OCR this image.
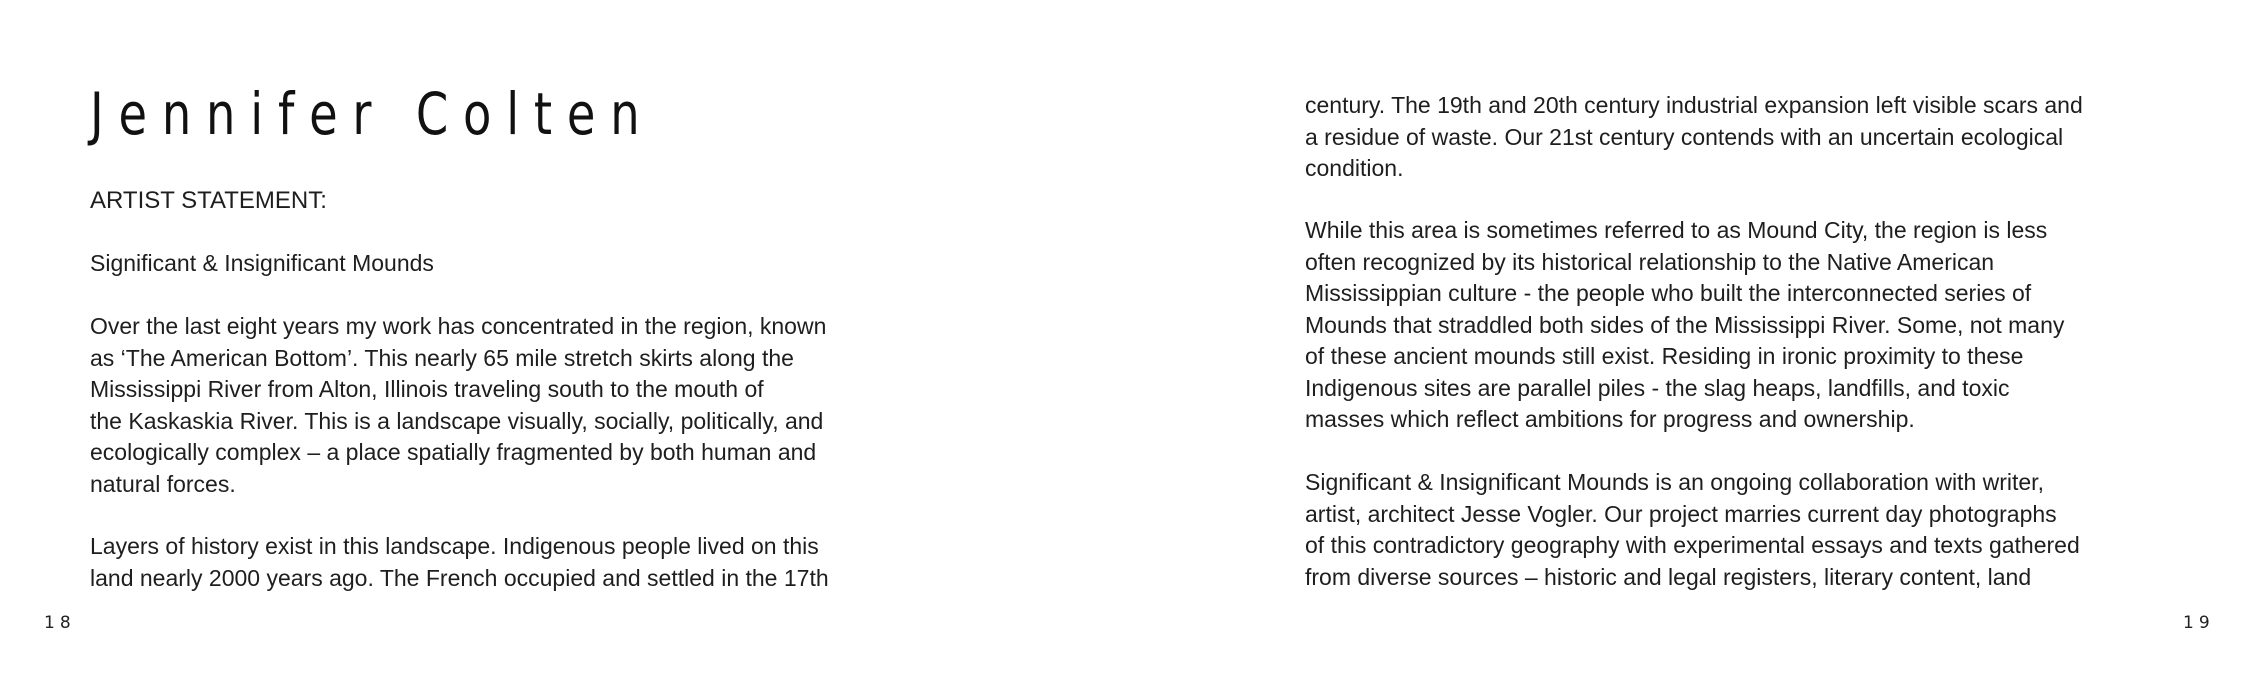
Jennifer Colten
ARTIST STATEMENT:
Significant & Insignificant Mounds

Over the last eight years my work has concentrated in the region, known
as ‘The American Bottom’. This nearly 65 mile stretch skirts along the
Mississippi River from Alton, Illinois traveling south to the mouth of
the Kaskaskia River. This is a landscape visually, socially, politically, and
ecologically complex – a place spatially fragmented by both human and
natural forces.

Layers of history exist in this landscape. Indigenous people lived on this
land nearly 2000 years ago. The French occupied and settled in the 17th

18

century. The 19th and 20th century industrial expansion left visible scars and
a residue of waste. Our 21st century contends with an uncertain ecological
condition.

While this area is sometimes referred to as Mound City, the region is less
often recognized by its historical relationship to the Native American
Mississippian culture - the people who built the interconnected series of
Mounds that straddled both sides of the Mississippi River. Some, not many
of these ancient mounds still exist. Residing in ironic proximity to these
Indigenous sites are parallel piles - the slag heaps, landfills, and toxic
masses which reflect ambitions for progress and ownership.

Significant & Insignificant Mounds is an ongoing collaboration with writer,
artist, architect Jesse Vogler. Our project marries current day photographs
of this contradictory geography with experimental essays and texts gathered
from diverse sources – historic and legal registers, literary content, land

19
